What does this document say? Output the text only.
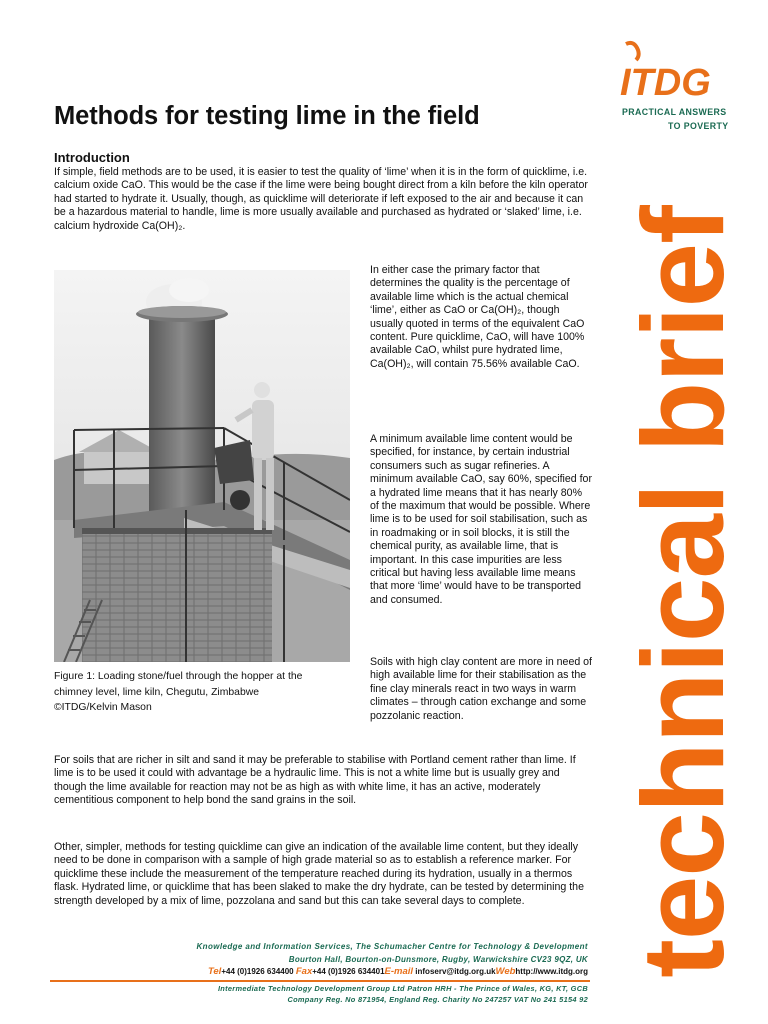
ITDG
PRACTICAL ANSWERS
TO POVERTY
Methods for testing lime in the field
Introduction
If simple, field methods are to be used, it is easier to test the quality of ‘lime’ when it is in the form of quicklime, i.e. calcium oxide CaO. This would be the case if the lime were being bought direct from a kiln before the kiln operator had started to hydrate it. Usually, though, as quicklime will deteriorate if left exposed to the air and because it can be a hazardous material to handle, lime is more usually available and purchased as hydrated or ‘slaked’ lime, i.e. calcium hydroxide Ca(OH)₂.
Figure 1: Loading stone/fuel through the hopper at the
chimney level, lime kiln, Chegutu, Zimbabwe
©ITDG/Kelvin Mason
In either case the primary factor that determines the quality is the percentage of available lime which is the actual chemical ‘lime’, either as CaO or Ca(OH)₂, though usually quoted in terms of the equivalent CaO content. Pure quicklime, CaO, will have 100% available CaO, whilst pure hydrated lime, Ca(OH)₂, will contain 75.56% available CaO.
A minimum available lime content would be specified, for instance, by certain industrial consumers such as sugar refineries. A minimum available CaO, say 60%, specified for a hydrated lime means that it has nearly 80% of the maximum that would be possible. Where lime is to be used for soil stabilisation, such as in roadmaking or in soil blocks, it is still the chemical purity, as available lime, that is important. In this case impurities are less critical but having less available lime means that more ‘lime’ would have to be transported and consumed.
Soils with high clay content are more in need of high available lime for their stabilisation as the fine clay minerals react in two ways in warm climates – through cation exchange and some pozzolanic reaction.
For soils that are richer in silt and sand it may be preferable to stabilise with Portland cement rather than lime. If lime is to be used it could with advantage be a hydraulic lime. This is not a white lime but is usually grey and though the lime available for reaction may not be as high as with white lime, it has an active, moderately cementitious component to help bond the sand grains in the soil.
Other, simpler, methods for testing quicklime can give an indication of the available lime content, but they ideally need to be done in comparison with a sample of high grade material so as to establish a reference marker. For quicklime these include the measurement of the temperature reached during its hydration, usually in a thermos flask. Hydrated lime, or quicklime that has been slaked to make the dry hydrate, can be tested by determining the strength developed by a mix of lime, pozzolana and sand but this can take several days to complete. technical brief
Knowledge and Information Services, The Schumacher Centre for Technology & Development
Bourton Hall, Bourton-on-Dunsmore, Rugby, Warwickshire CV23 9QZ, UK
Tel+44 (0)1926 634400 Fax+44 (0)1926 634401E-mail infoserv@itdg.org.ukWebhttp://www.itdg.org
Intermediate Technology Development Group Ltd Patron HRH - The Prince of Wales, KG, KT, GCB
Company Reg. No 871954, England Reg. Charity No 247257 VAT No 241 5154 92
